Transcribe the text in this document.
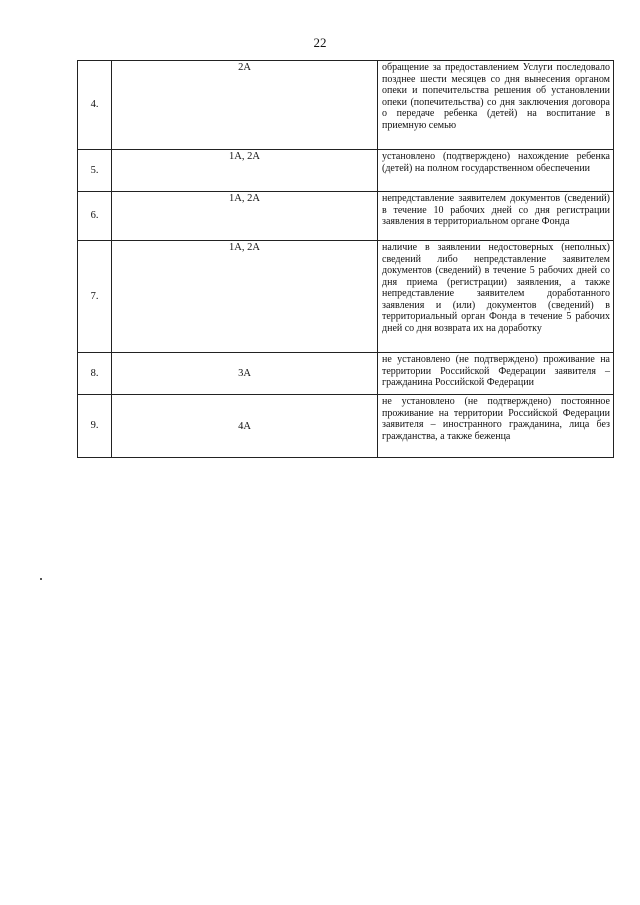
22
4.	2А	обращение за предоставлением Услуги последовало позднее шести месяцев со дня вынесения органом опеки и попечительства решения об установлении опеки (попечительства) со дня заключения договора о передаче ребенка (детей) на воспитание в приемную семью
5.	1А, 2А	установлено (подтверждено) нахождение ребенка (детей) на полном государственном обеспечении
6.	1А, 2А	непредставление заявителем документов (сведений) в течение 10 рабочих дней со дня регистрации заявления в территориальном органе Фонда
7.	1А, 2А	наличие в заявлении недостоверных (неполных) сведений либо непредставление заявителем документов (сведений) в течение 5 рабочих дней со дня приема (регистрации) заявления, а также непредставление заявителем доработанного заявления и (или) документов (сведений) в территориальный орган Фонда в течение 5 рабочих дней со дня возврата их на доработку
8.	3А	не установлено (не подтверждено) проживание на территории Российской Федерации заявителя – гражданина Российской Федерации
9.	4А	не установлено (не подтверждено) постоянное проживание на территории Российской Федерации заявителя – иностранного гражданина, лица без гражданства, а также беженца
